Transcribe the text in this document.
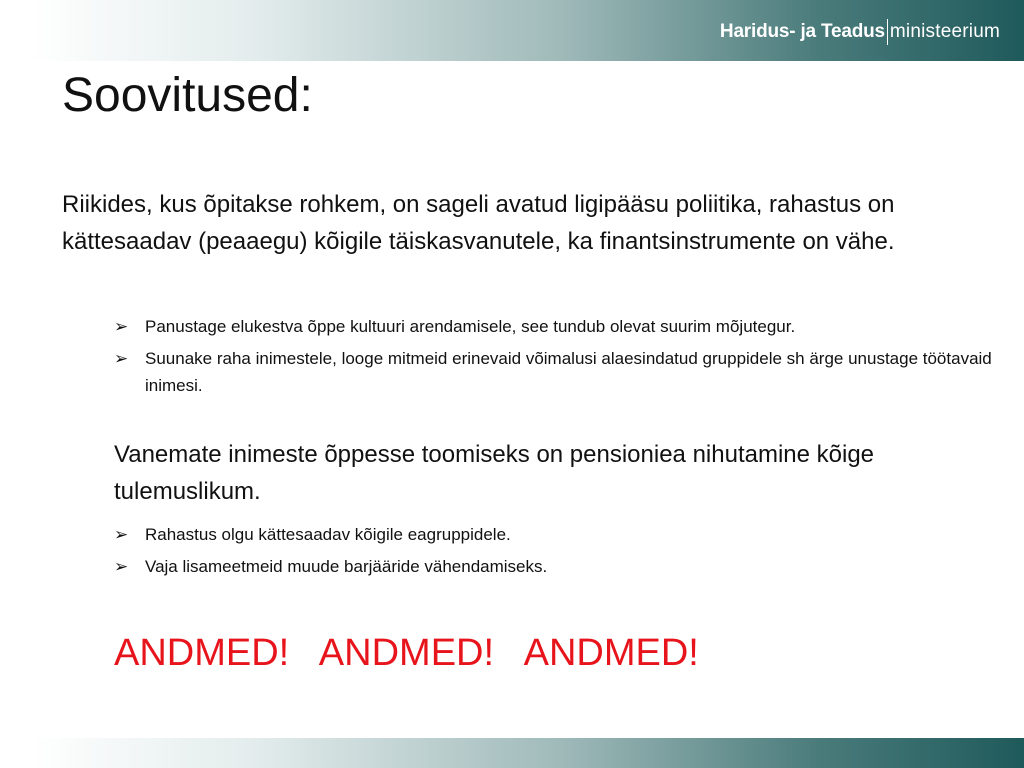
Haridus- ja Teadus ministeerium
Soovitused:

Riikides, kus õpitakse rohkem, on sageli avatud ligipääsu poliitika, rahastus on kättesaadav (peaaegu) kõigile täiskasvanutele, ka finantsinstrumente on vähe.

➢ Panustage elukestva õppe kultuuri arendamisele, see tundub olevat suurim mõjutegur.
➢ Suunake raha inimestele, looge mitmeid erinevaid võimalusi alaesindatud gruppidele sh ärge unustage töötavaid inimesi.

Vanemate inimeste õppesse toomiseks on pensioniea nihutamine kõige tulemuslikum.

➢ Rahastus olgu kättesaadav kõigile eagruppidele.
➢ Vaja lisameetmeid muude barjääride vähendamiseks.

ANDMED!   ANDMED!   ANDMED!
